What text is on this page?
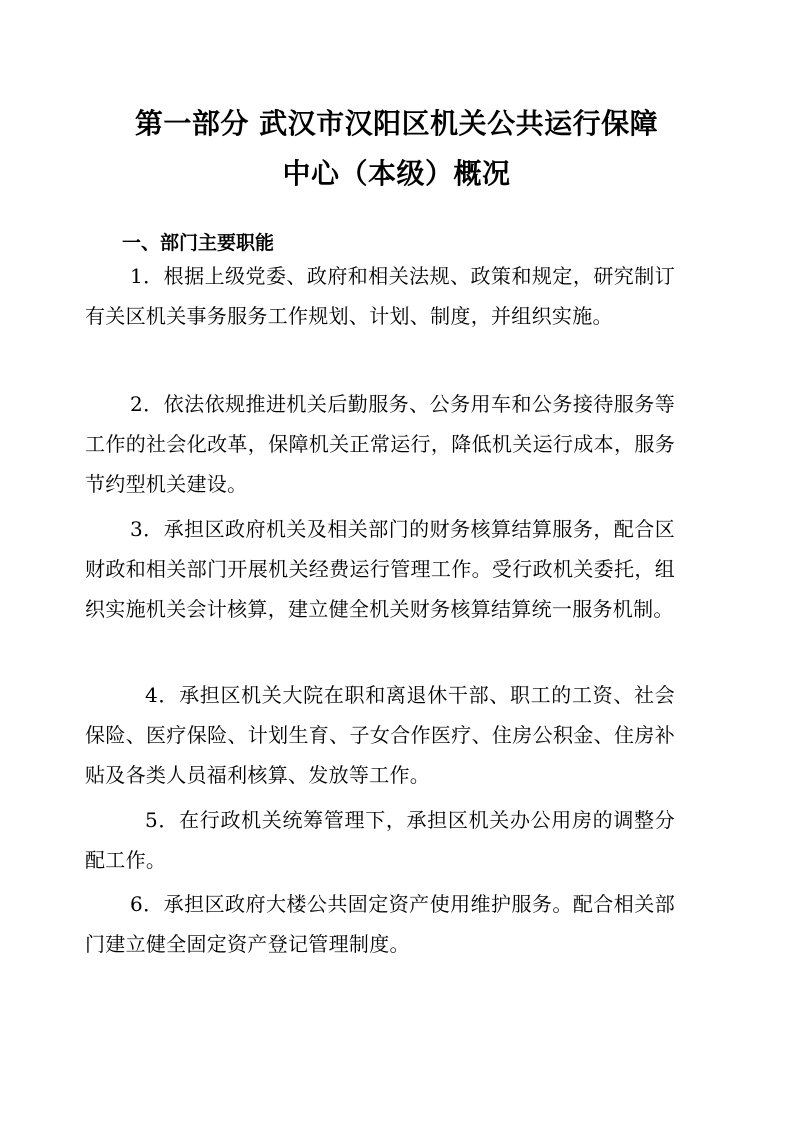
第一部分 武汉市汉阳区机关公共运行保障
中心（本级）概况
一、部门主要职能

1．根据上级党委、政府和相关法规、政策和规定，研究制订有关区机关事务服务工作规划、计划、制度，并组织实施。

2．依法依规推进机关后勤服务、公务用车和公务接待服务等工作的社会化改革，保障机关正常运行，降低机关运行成本，服务节约型机关建设。

3．承担区政府机关及相关部门的财务核算结算服务，配合区财政和相关部门开展机关经费运行管理工作。受行政机关委托，组织实施机关会计核算，建立健全机关财务核算结算统一服务机制。

4．承担区机关大院在职和离退休干部、职工的工资、社会保险、医疗保险、计划生育、子女合作医疗、住房公积金、住房补贴及各类人员福利核算、发放等工作。

5．在行政机关统筹管理下，承担区机关办公用房的调整分配工作。

6．承担区政府大楼公共固定资产使用维护服务。配合相关部门建立健全固定资产登记管理制度。
